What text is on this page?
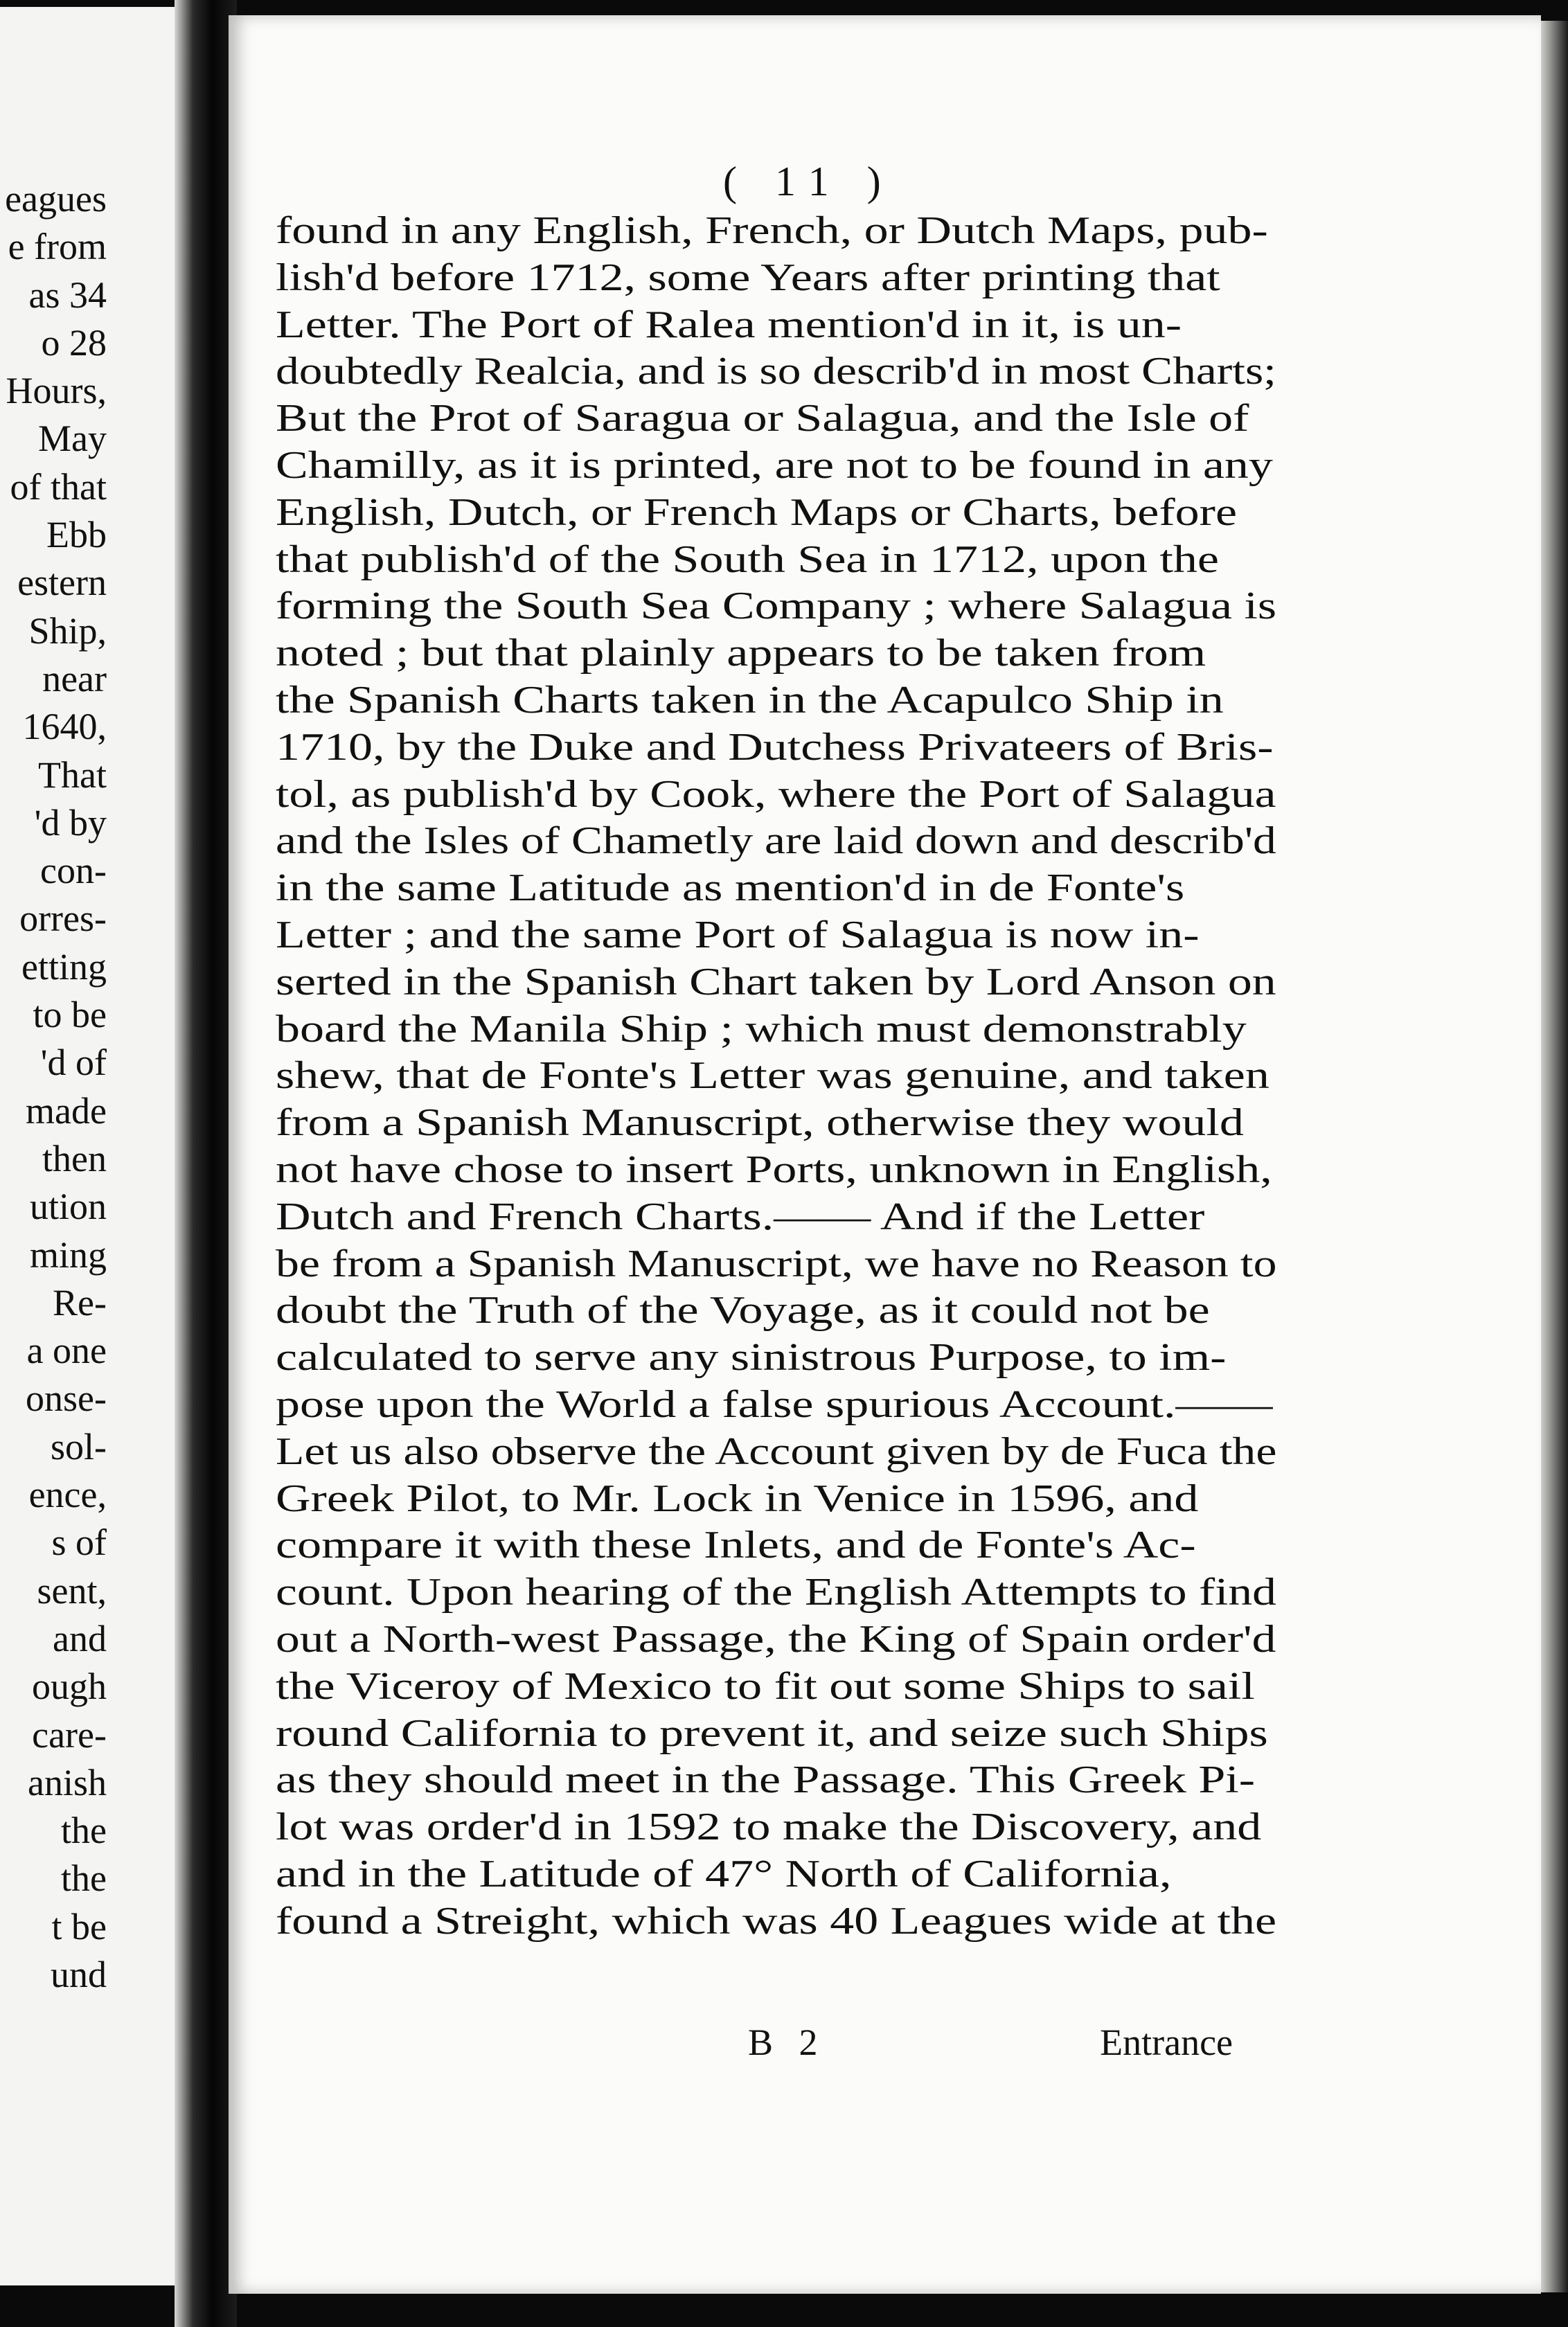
eagues
e from
as 34
o 28
Hours,
May
of that
Ebb
estern
Ship,
near
1640,
That
'd by
con-
orres-
etting
to be
'd of
made
then
ution
ming
Re-
a one
onse-
sol-
ence,
s of
sent,
and
ough
care-
anish
the
the
t be
und
( 11 )
found in any English, French, or Dutch Maps, pub-
lish'd before 1712, some Years after printing that
Letter. The Port of Ralea mention'd in it, is un-
doubtedly Realcia, and is so describ'd in most Charts;
But the Prot of Saragua or Salagua, and the Isle of
Chamilly, as it is printed, are not to be found in any
English, Dutch, or French Maps or Charts, before
that publish'd of the South Sea in 1712, upon the
forming the South Sea Company ; where Salagua is
noted ; but that plainly appears to be taken from
the Spanish Charts taken in the Acapulco Ship in
1710, by the Duke and Dutchess Privateers of Bris-
tol, as publish'd by Cook, where the Port of Salagua
and the Isles of Chametly are laid down and describ'd
in the same Latitude as mention'd in de Fonte's
Letter ; and the same Port of Salagua is now in-
serted in the Spanish Chart taken by Lord Anson on
board the Manila Ship ; which must demonstrably
shew, that de Fonte's Letter was genuine, and taken
from a Spanish Manuscript, otherwise they would
not have chose to insert Ports, unknown in English,
Dutch and French Charts.—— And if the Letter
be from a Spanish Manuscript, we have no Reason to
doubt the Truth of the Voyage, as it could not be
calculated to serve any sinistrous Purpose, to im-
pose upon the World a false spurious Account.——
Let us also observe the Account given by de Fuca the
Greek Pilot, to Mr. Lock in Venice in 1596, and
compare it with these Inlets, and de Fonte's Ac-
count. Upon hearing of the English Attempts to find
out a North-west Passage, the King of Spain order'd
the Viceroy of Mexico to fit out some Ships to sail
round California to prevent it, and seize such Ships
as they should meet in the Passage. This Greek Pi-
lot was order'd in 1592 to make the Discovery, and
and in the Latitude of 47° North of California,
found a Streight, which was 40 Leagues wide at the
B 2	Entrance
